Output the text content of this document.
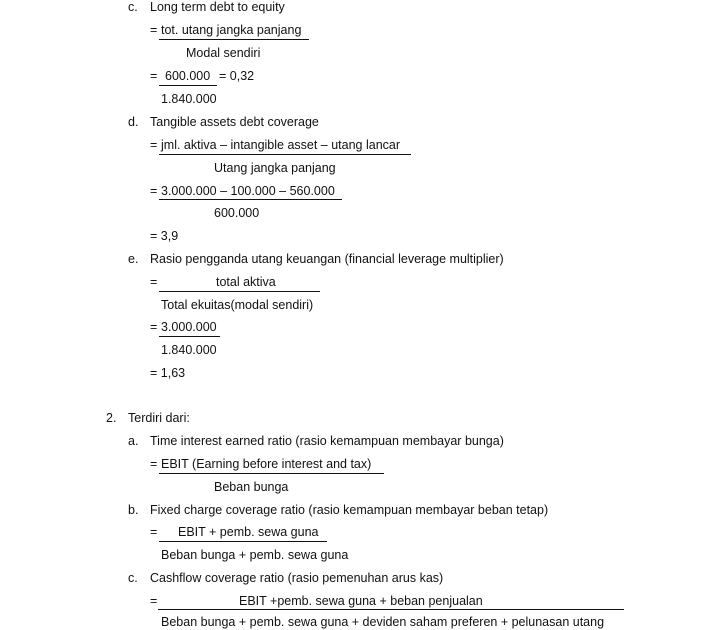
c. Long term debt to equity
= tot. utang jangka panjang
Modal sendiri
= 600.000 = 0,32
1.840.000
d. Tangible assets debt coverage
= jml. aktiva – intangible asset – utang lancar
Utang jangka panjang
= 3.000.000 – 100.000 – 560.000
600.000
= 3,9
e. Rasio pengganda utang keuangan (financial leverage multiplier)
=	total aktiva
Total ekuitas(modal sendiri)
= 3.000.000
1.840.000
= 1,63
2. Terdiri dari:
a. Time interest earned ratio (rasio kemampuan membayar bunga)
= EBIT (Earning before interest and tax)
Beban bunga
b. Fixed charge coverage ratio (rasio kemampuan membayar beban tetap)
= EBIT + pemb. sewa guna
Beban bunga + pemb. sewa guna
c. Cashflow coverage ratio (rasio pemenuhan arus kas)
=	EBIT +pemb. sewa guna + beban penjualan
Beban bunga + pemb. sewa guna + deviden saham preferen + pelunasan utang
